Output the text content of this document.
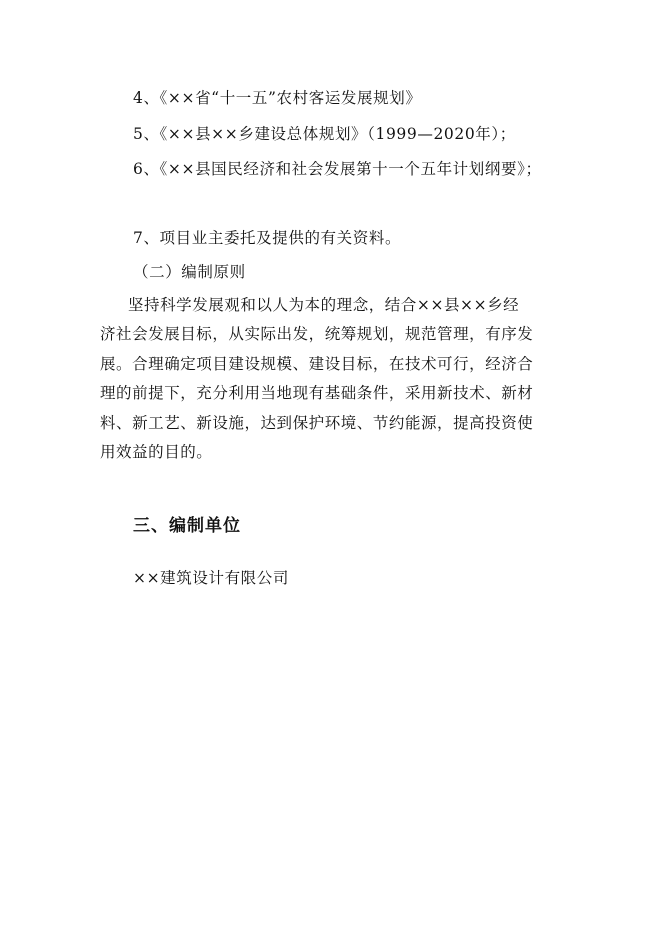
4、《××省“十一五”农村客运发展规划》
5、《××县××乡建设总体规划》（1999—2020年）；
6、《××县国民经济和社会发展第十一个五年计划纲要》；
7、项目业主委托及提供的有关资料。
（二）编制原则
坚持科学发展观和以人为本的理念，结合××县××乡经
济社会发展目标，从实际出发，统筹规划，规范管理，有序发
展。合理确定项目建设规模、建设目标，在技术可行，经济合
理的前提下，充分利用当地现有基础条件，采用新技术、新材
料、新工艺、新设施，达到保护环境、节约能源，提高投资使
用效益的目的。
三、编制单位
××建筑设计有限公司
